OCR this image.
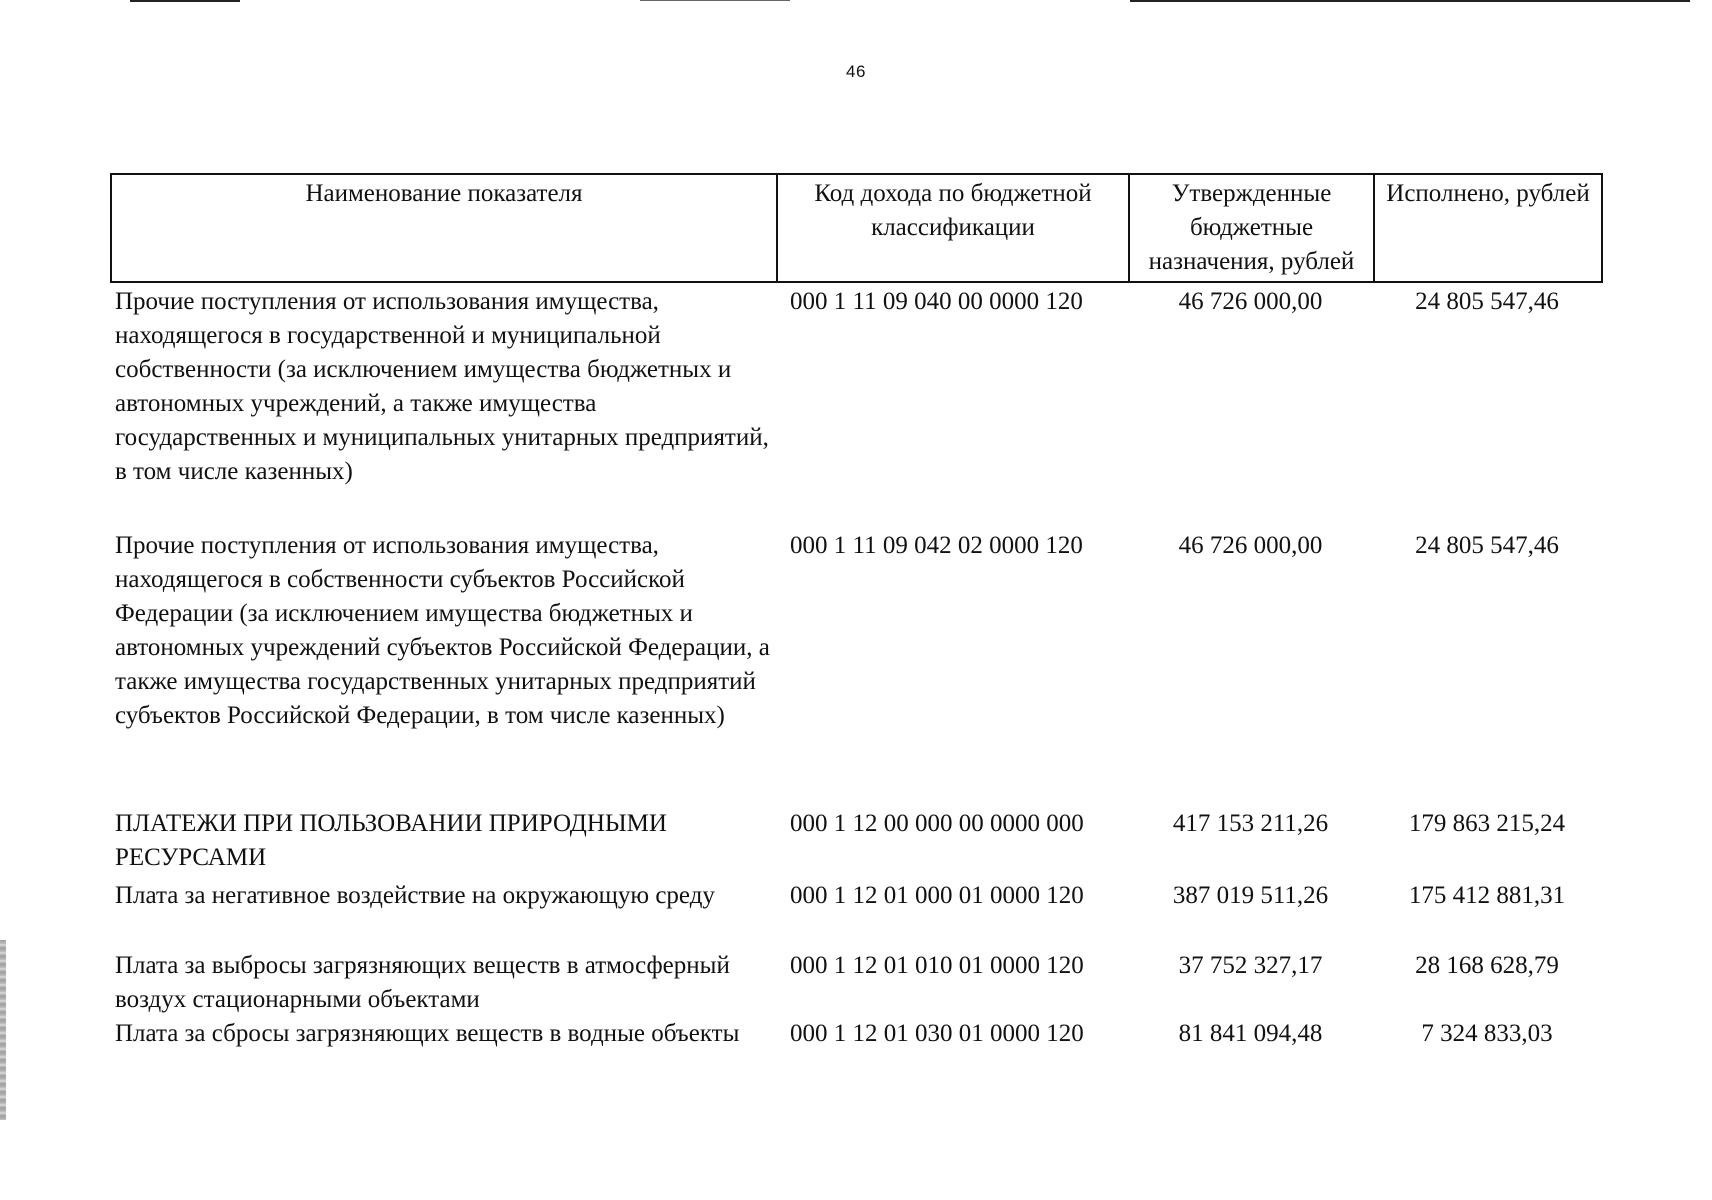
46
Наименование показателя	Код дохода по бюджетной классификации	Утвержденные бюджетные назначения, рублей	Исполнено, рублей
Прочие поступления от использования имущества, находящегося в государственной и муниципальной собственности (за исключением имущества бюджетных и автономных учреждений, а также имущества государственных и муниципальных унитарных предприятий, в том числе казенных)	000 1 11 09 040 00 0000 120	46 726 000,00	24 805 547,46
Прочие поступления от использования имущества, находящегося в собственности субъектов Российской Федерации (за исключением имущества бюджетных и автономных учреждений субъектов Российской Федерации, а также имущества государственных унитарных предприятий субъектов Российской Федерации, в том числе казенных)	000 1 11 09 042 02 0000 120	46 726 000,00	24 805 547,46
ПЛАТЕЖИ ПРИ ПОЛЬЗОВАНИИ ПРИРОДНЫМИ РЕСУРСАМИ	000 1 12 00 000 00 0000 000	417 153 211,26	179 863 215,24
Плата за негативное воздействие на окружающую среду	000 1 12 01 000 01 0000 120	387 019 511,26	175 412 881,31
Плата за выбросы загрязняющих веществ в атмосферный воздух стационарными объектами	000 1 12 01 010 01 0000 120	37 752 327,17	28 168 628,79
Плата за сбросы загрязняющих веществ в водные объекты	000 1 12 01 030 01 0000 120	81 841 094,48	7 324 833,03
